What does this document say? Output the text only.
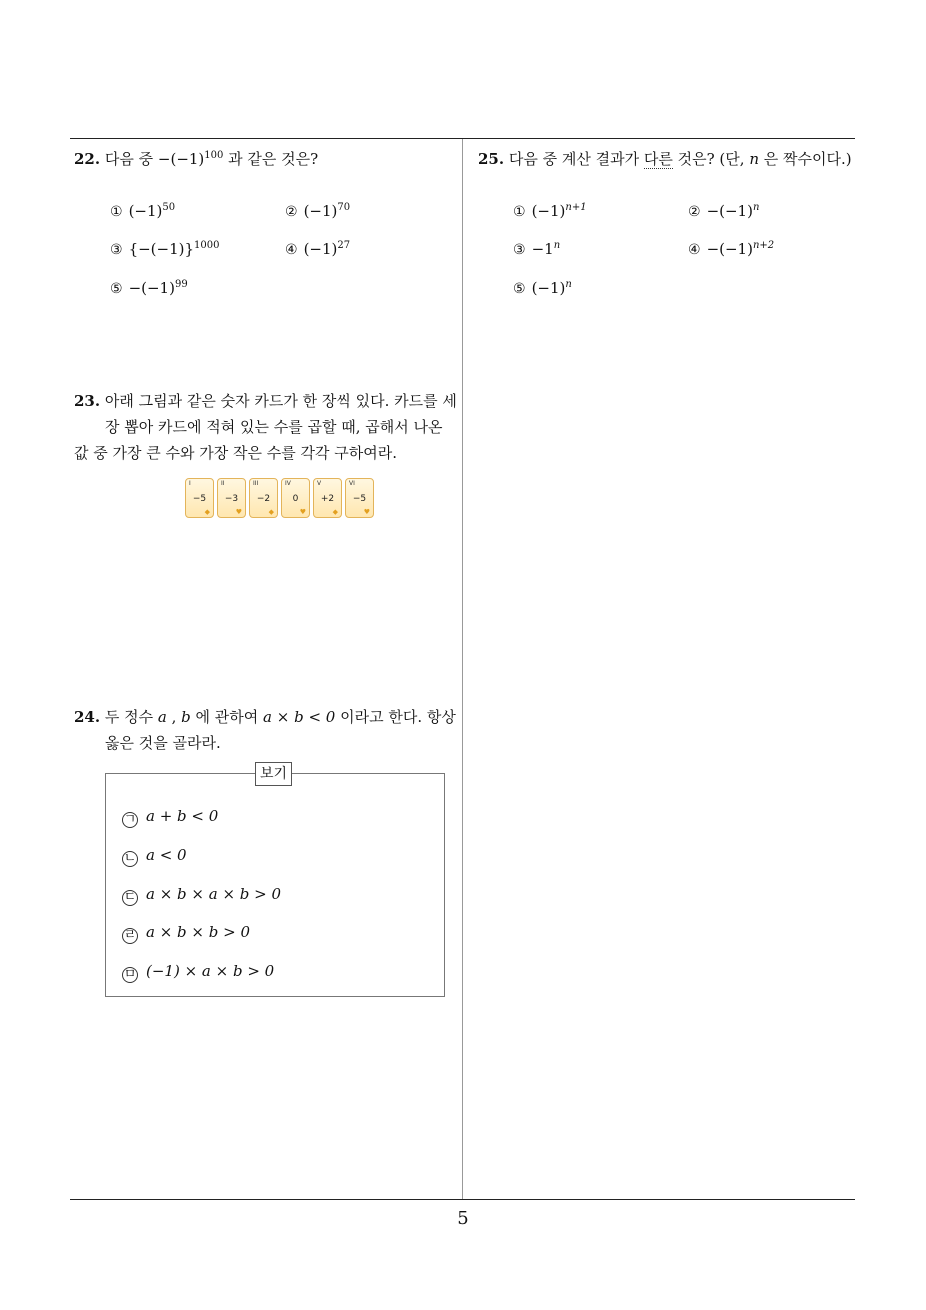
5
22. 다음 중 $-(-1)^{100}$ 과 같은 것은?
① $(-1)^{50}$	② $(-1)^{70}$
③ $\{-(-1)\}^{1000}$	④ $(-1)^{27}$
⑤ $-(-1)^{99}$
23. 아래 그림과 같은 숫자 카드가 한 장씩 있다. 카드를 세
장 뽑아 카드에 적혀 있는 수를 곱할 때, 곱해서 나온
값 중 가장 큰 수와 가장 작은 수를 각각 구하여라.
I
−5
◆
II
−3
♥
III
−2
◆
IV
0
♥
V
+2
◆
VI
−5
♥
24. 두 정수 a , b 에 관하여 a × b < 0 이라고 한다. 항상
옳은 것을 골라라.
보기
ㄱ a + b < 0
ㄴ a < 0
ㄷ a × b × a × b > 0
ㄹ a × b × b > 0
ㅁ (−1) × a × b > 0
25. 다음 중 계산 결과가 다른 것은? (단, n 은 짝수이다.)
① $(-1)^{n+1}$	② $-(-1)^n$
③ $-1^n$	④ $-(-1)^{n+2}$
⑤ $(-1)^n$
